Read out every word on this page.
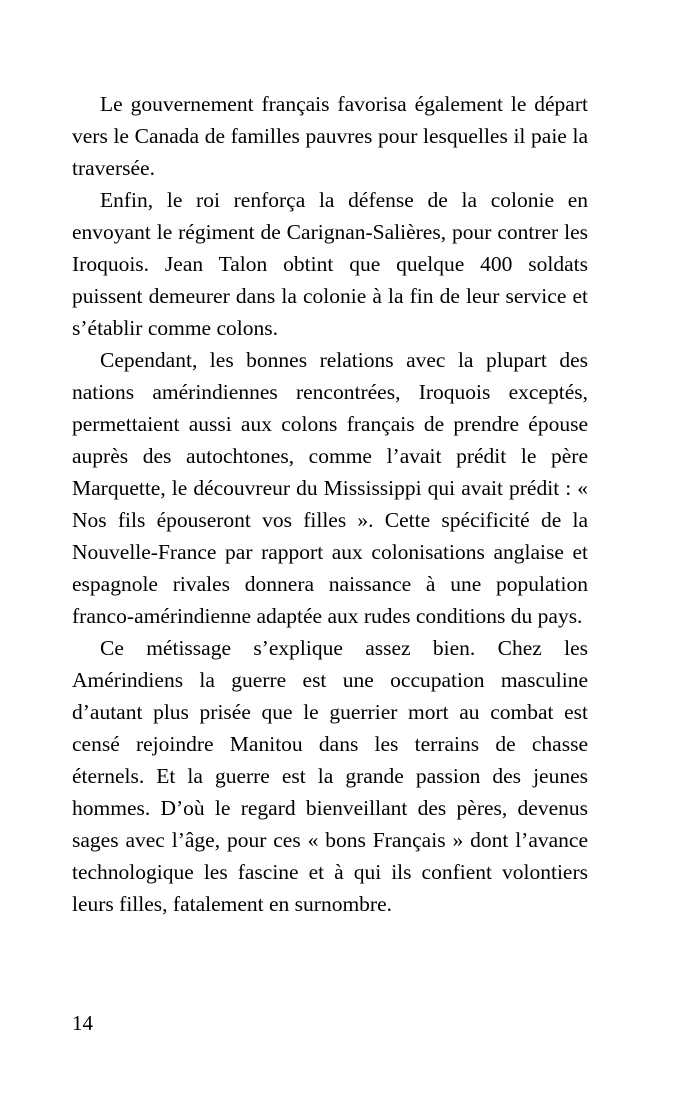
Le gouvernement français favorisa également le départ vers le Canada de familles pauvres pour lesquelles il paie la traversée.

Enfin, le roi renforça la défense de la colonie en envoyant le régiment de Carignan-Salières, pour contrer les Iroquois. Jean Talon obtint que quelque 400 soldats puissent demeurer dans la colonie à la fin de leur service et s’établir comme colons.

Cependant, les bonnes relations avec la plupart des nations amérindiennes rencontrées, Iroquois exceptés, permettaient aussi aux colons français de prendre épouse auprès des autochtones, comme l’avait prédit le père Marquette, le découvreur du Mississippi qui avait prédit : « Nos fils épouseront vos filles ». Cette spécificité de la Nouvelle-France par rapport aux colonisations anglaise et espagnole rivales donnera naissance à une population franco-amérindienne adaptée aux rudes conditions du pays.

Ce métissage s’explique assez bien. Chez les Amérindiens la guerre est une occupation masculine d’autant plus prisée que le guerrier mort au combat est censé rejoindre Manitou dans les terrains de chasse éternels. Et la guerre est la grande passion des jeunes hommes. D’où le regard bienveillant des pères, devenus sages avec l’âge, pour ces « bons Français » dont l’avance technologique les fascine et à qui ils confient volontiers leurs filles, fatalement en surnombre.

14
